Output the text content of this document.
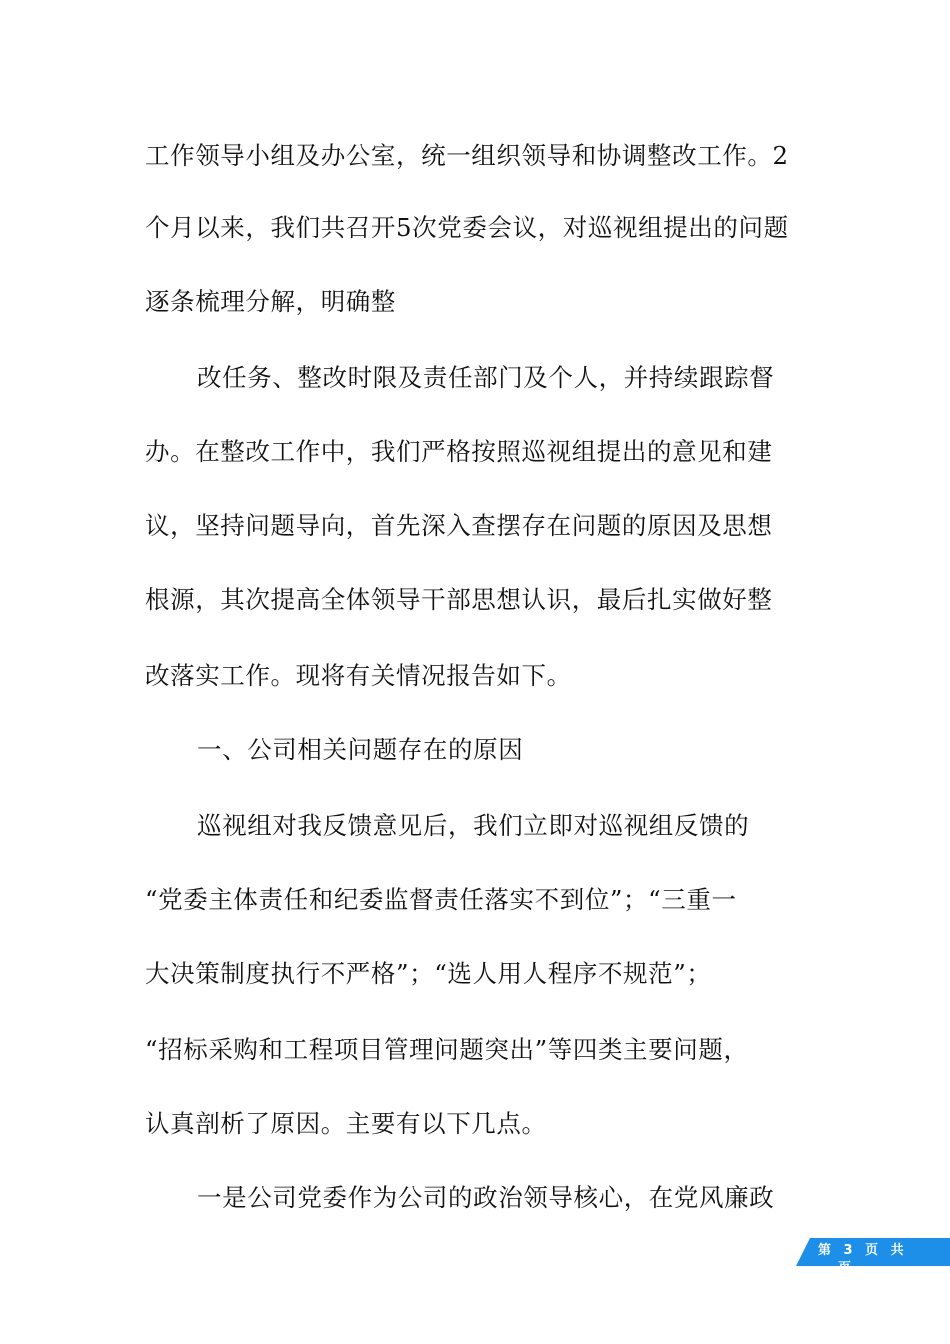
工作领导小组及办公室，统一组织领导和协调整改工作。2
个月以来，我们共召开5次党委会议，对巡视组提出的问题
逐条梳理分解，明确整
改任务、整改时限及责任部门及个人，并持续跟踪督
办。在整改工作中，我们严格按照巡视组提出的意见和建
议，坚持问题导向，首先深入查摆存在问题的原因及思想
根源，其次提高全体领导干部思想认识，最后扎实做好整
改落实工作。现将有关情况报告如下。
一、公司相关问题存在的原因
巡视组对我反馈意见后，我们立即对巡视组反馈的
“党委主体责任和纪委监督责任落实不到位”；“三重一
大决策制度执行不严格”；“选人用人程序不规范”；
“招标采购和工程项目管理问题突出”等四类主要问题，
认真剖析了原因。主要有以下几点。
一是公司党委作为公司的政治领导核心，在党风廉政
第 3 页 共
页
